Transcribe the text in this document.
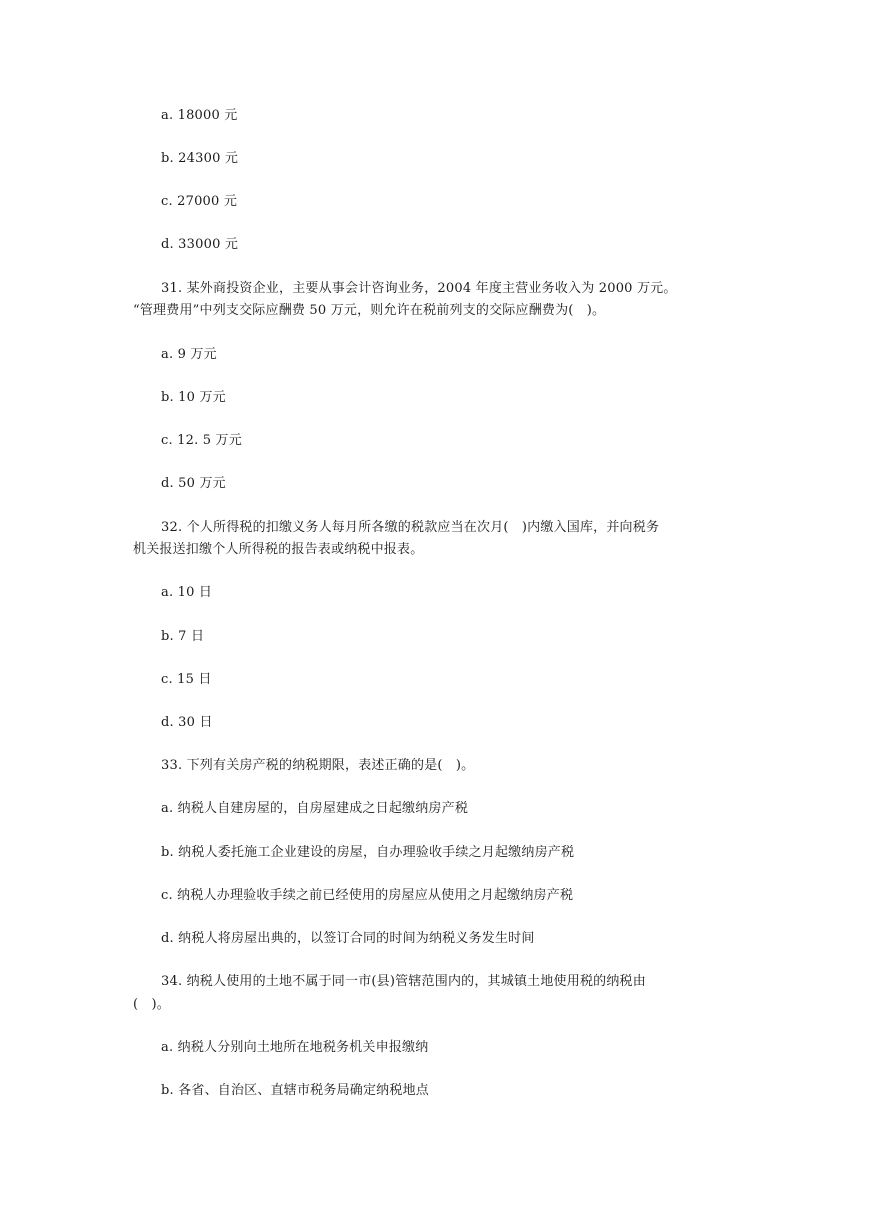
a. 18000 元
b. 24300 元
c. 27000 元
d. 33000 元
31. 某外商投资企业，主要从事会计咨询业务，2004 年度主营业务收入为 2000 万元。
“管理费用”中列支交际应酬费 50 万元，则允许在税前列支的交际应酬费为(　)。
a. 9 万元
b. 10 万元
c. 12. 5 万元
d. 50 万元
32. 个人所得税的扣缴义务人每月所各缴的税款应当在次月(　)内缴入国库，并向税务
机关报送扣缴个人所得税的报告表或纳税中报表。
a. 10 日
b. 7 日
c. 15 日
d. 30 日
33. 下列有关房产税的纳税期限，表述正确的是(　)。
a. 纳税人自建房屋的，自房屋建成之日起缴纳房产税
b. 纳税人委托施工企业建设的房屋，自办理验收手续之月起缴纳房产税
c. 纳税人办理验收手续之前已经使用的房屋应从使用之月起缴纳房产税
d. 纳税人将房屋出典的，以签订合同的时间为纳税义务发生时间
34. 纳税人使用的土地不属于同一市(县)管辖范围内的，其城镇土地使用税的纳税由
(　)。
a. 纳税人分别向土地所在地税务机关申报缴纳
b. 各省、自治区、直辖市税务局确定纳税地点
